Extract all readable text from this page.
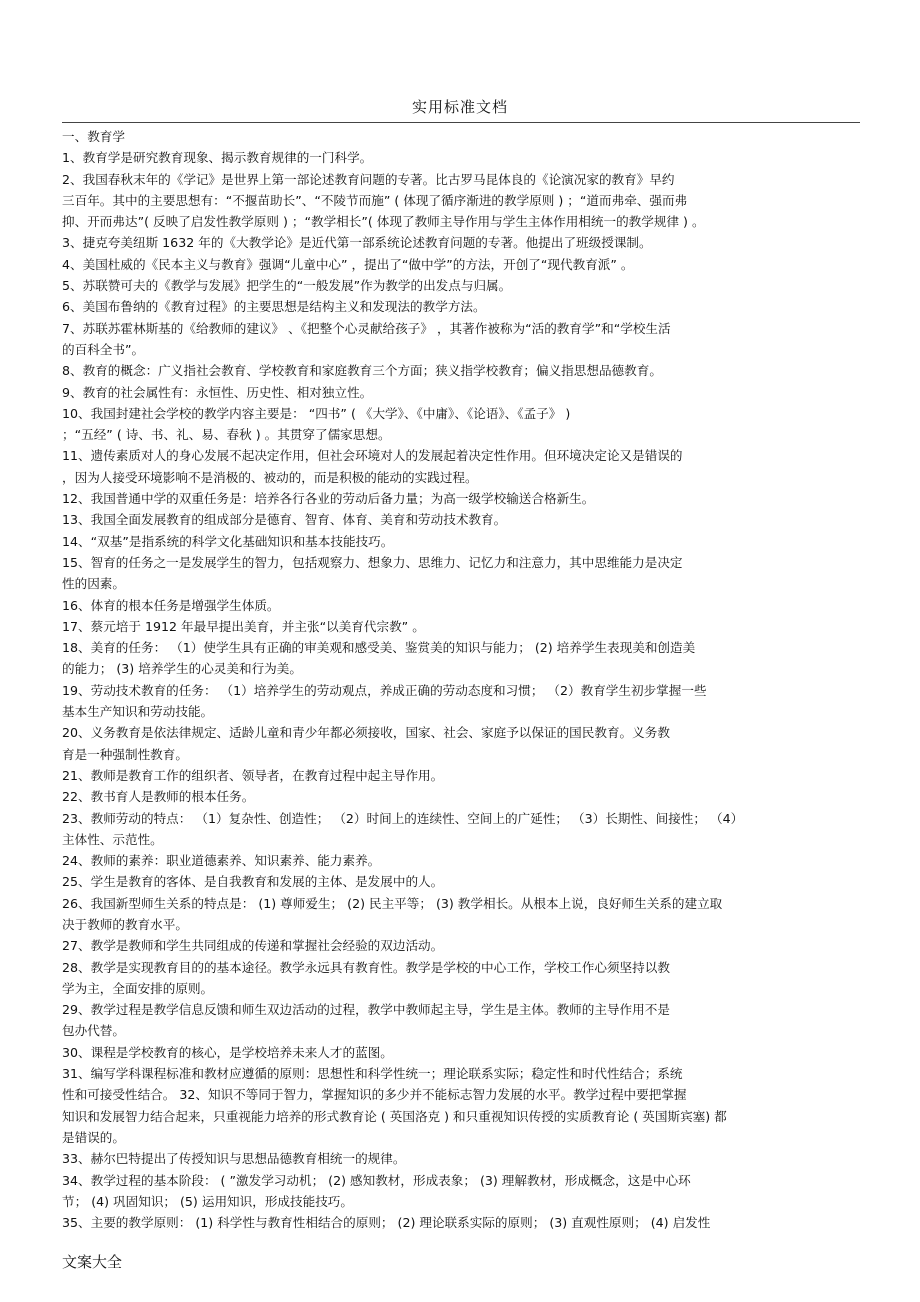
实用标准文档
一、教育学
1、教育学是研究教育现象、揭示教育规律的一门科学。
2、我国春秋末年的《学记》是世界上第一部论述教育问题的专著。比古罗马昆体良的《论演况家的教育》早约
三百年。其中的主要思想有：“不揠苗助长”、“不陵节而施” ( 体现了循序渐进的教学原则 ) ；“道而弗牵、强而弗
抑、开而弗达”( 反映了启发性教学原则 ) ；“教学相长”( 体现了教师主导作用与学生主体作用相统一的教学规律 ) 。
3、捷克夸美纽斯 1632 年的《大教学论》是近代第一部系统论述教育问题的专著。他提出了班级授课制。
4、美国杜威的《民本主义与教育》强调“儿童中心” ，提出了“做中学”的方法，开创了“现代教育派” 。
5、苏联赞可夫的《教学与发展》把学生的“一般发展”作为教学的出发点与归属。
6、美国布鲁纳的《教育过程》的主要思想是结构主义和发现法的教学方法。
7、苏联苏霍林斯基的《给教师的建议》 、《把整个心灵献给孩子》 ，其著作被称为“活的教育学”和“学校生活
的百科全书”。
8、教育的概念：广义指社会教育、学校教育和家庭教育三个方面；狭义指学校教育；偏义指思想品德教育。
9、教育的社会属性有：永恒性、历史性、相对独立性。
10、我国封建社会学校的教学内容主要是： “四书” ( 《大学》、《中庸》、《论语》、《孟子》 )
；“五经” ( 诗、书、礼、易、春秋 ) 。其贯穿了儒家思想。
11、遗传素质对人的身心发展不起决定作用，但社会环境对人的发展起着决定性作用。但环境决定论又是错误的
，因为人接受环境影响不是消极的、被动的，而是积极的能动的实践过程。
12、我国普通中学的双重任务是：培养各行各业的劳动后备力量；为高一级学校输送合格新生。
13、我国全面发展教育的组成部分是德育、智育、体育、美育和劳动技术教育。
14、“双基”是指系统的科学文化基础知识和基本技能技巧。
15、智育的任务之一是发展学生的智力，包括观察力、想象力、思维力、记忆力和注意力，其中思维能力是决定
性的因素。
16、体育的根本任务是增强学生体质。
17、蔡元培于 1912 年最早提出美育，并主张“以美育代宗教” 。
18、美育的任务： （1）使学生具有正确的审美观和感受美、鉴赏美的知识与能力； (2) 培养学生表现美和创造美
的能力； (3) 培养学生的心灵美和行为美。
19、劳动技术教育的任务： （1）培养学生的劳动观点，养成正确的劳动态度和习惯； （2）教育学生初步掌握一些
基本生产知识和劳动技能。
20、义务教育是依法律规定、适龄儿童和青少年都必须接收，国家、社会、家庭予以保证的国民教育。义务教
育是一种强制性教育。
21、教师是教育工作的组织者、领导者，在教育过程中起主导作用。
22、教书育人是教师的根本任务。
23、教师劳动的特点： （1）复杂性、创造性； （2）时间上的连续性、空间上的广延性； （3）长期性、间接性； （4）
主体性、示范性。
24、教师的素养：职业道德素养、知识素养、能力素养。
25、学生是教育的客体、是自我教育和发展的主体、是发展中的人。
26、我国新型师生关系的特点是： (1) 尊师爱生； (2) 民主平等； (3) 教学相长。从根本上说，良好师生关系的建立取
决于教师的教育水平。
27、教学是教师和学生共同组成的传递和掌握社会经验的双边活动。
28、教学是实现教育目的的基本途径。教学永远具有教育性。教学是学校的中心工作，学校工作心须坚持以教
学为主，全面安排的原则。
29、教学过程是教学信息反馈和师生双边活动的过程，教学中教师起主导，学生是主体。教师的主导作用不是
包办代替。
30、课程是学校教育的核心，是学校培养未来人才的蓝图。
31、编写学科课程标准和教材应遵循的原则：思想性和科学性统一；理论联系实际；稳定性和时代性结合；系统
性和可接受性结合。 32、知识不等同于智力，掌握知识的多少并不能标志智力发展的水平。教学过程中要把掌握
知识和发展智力结合起来，只重视能力培养的形式教育论 ( 英国洛克 ) 和只重视知识传授的实质教育论 ( 英国斯宾塞) 都
是错误的。
33、赫尔巴特提出了传授知识与思想品德教育相统一的规律。
34、教学过程的基本阶段： ( ”激发学习动机； (2) 感知教材，形成表象； (3) 理解教材，形成概念，这是中心环
节； (4) 巩固知识； (5) 运用知识，形成技能技巧。
35、主要的教学原则： (1) 科学性与教育性相结合的原则； (2) 理论联系实际的原则； (3) 直观性原则； (4) 启发性
文案大全
